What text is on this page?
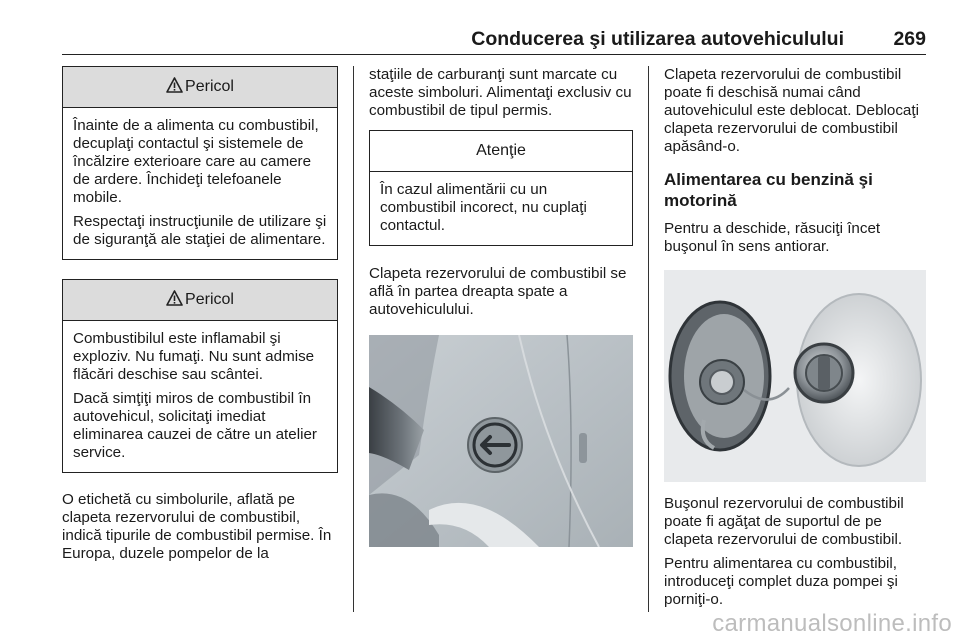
Conducerea şi utilizarea autovehiculului	269
Pericol

Înainte de a alimenta cu combustibil, decuplaţi contactul şi sistemele de încălzire exterioare care au camere de ardere. Închideţi telefoanele mobile.

Respectaţi instrucţiunile de utilizare şi de siguranţă ale staţiei de alimentare.

Pericol

Combustibilul este inflamabil şi exploziv. Nu fumaţi. Nu sunt admise flăcări deschise sau scântei.

Dacă simţiţi miros de combustibil în autovehicul, solicitaţi imediat eliminarea cauzei de către un atelier service.

O etichetă cu simbolurile, aflată pe clapeta rezervorului de combustibil, indică tipurile de combustibil permise. În Europa, duzele pompelor de la

staţiile de carburanţi sunt marcate cu aceste simboluri. Alimentaţi exclusiv cu combustibil de tipul permis.

Atenţie

În cazul alimentării cu un combustibil incorect, nu cuplaţi contactul.

Clapeta rezervorului de combustibil se află în partea dreapta spate a autovehiculului.

Clapeta rezervorului de combustibil poate fi deschisă numai când autovehiculul este deblocat. Deblocaţi clapeta rezervorului de combustibil apăsând-o.

Alimentarea cu benzină şi motorină

Pentru a deschide, răsuciţi încet buşonul în sens antiorar.

Buşonul rezervorului de combustibil poate fi agăţat de suportul de pe clapeta rezervorului de combustibil.

Pentru alimentarea cu combustibil, introduceţi complet duza pompei şi porniţi-o.

carmanualsonline.info
